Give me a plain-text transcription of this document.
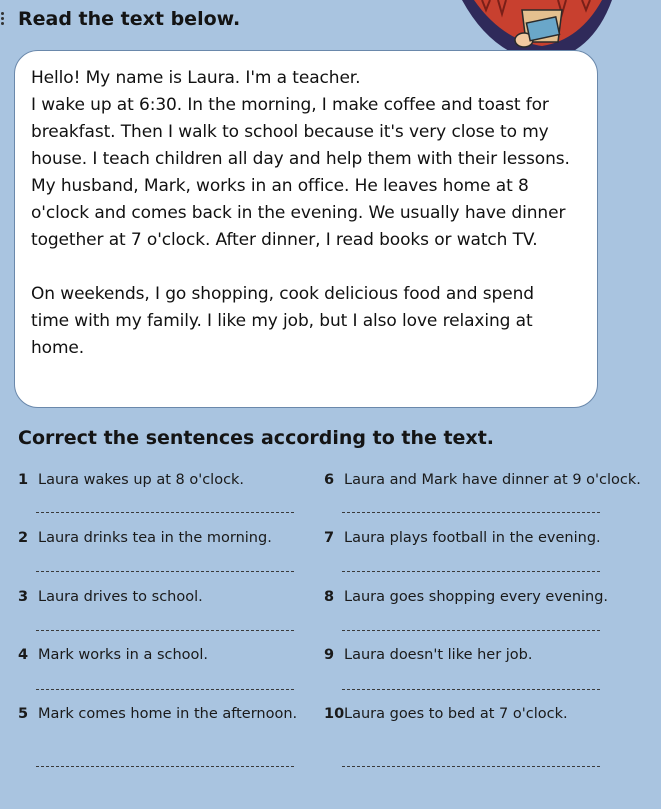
Read the text below.
Hello! My name is Laura. I'm a teacher.
I wake up at 6:30. In the morning, I make coffee and toast for
breakfast. Then I walk to school because it's very close to my
house. I teach children all day and help them with their lessons.
My husband, Mark, works in an office. He leaves home at 8
o'clock and comes back in the evening. We usually have dinner
together at 7 o'clock. After dinner, I read books or watch TV.
On weekends, I go shopping, cook delicious food and spend
time with my family. I like my job, but I also love relaxing at
home.
Correct the sentences according to the text.
1 Laura wakes up at 8 o'clock.
2 Laura drinks tea in the morning.
3 Laura drives to school.
4 Mark works in a school.
5 Mark comes home in the afternoon.
6 Laura and Mark have dinner at 9 o'clock.
7 Laura plays football in the evening.
8 Laura goes shopping every evening.
9 Laura doesn't like her job.
10Laura goes to bed at 7 o'clock.
